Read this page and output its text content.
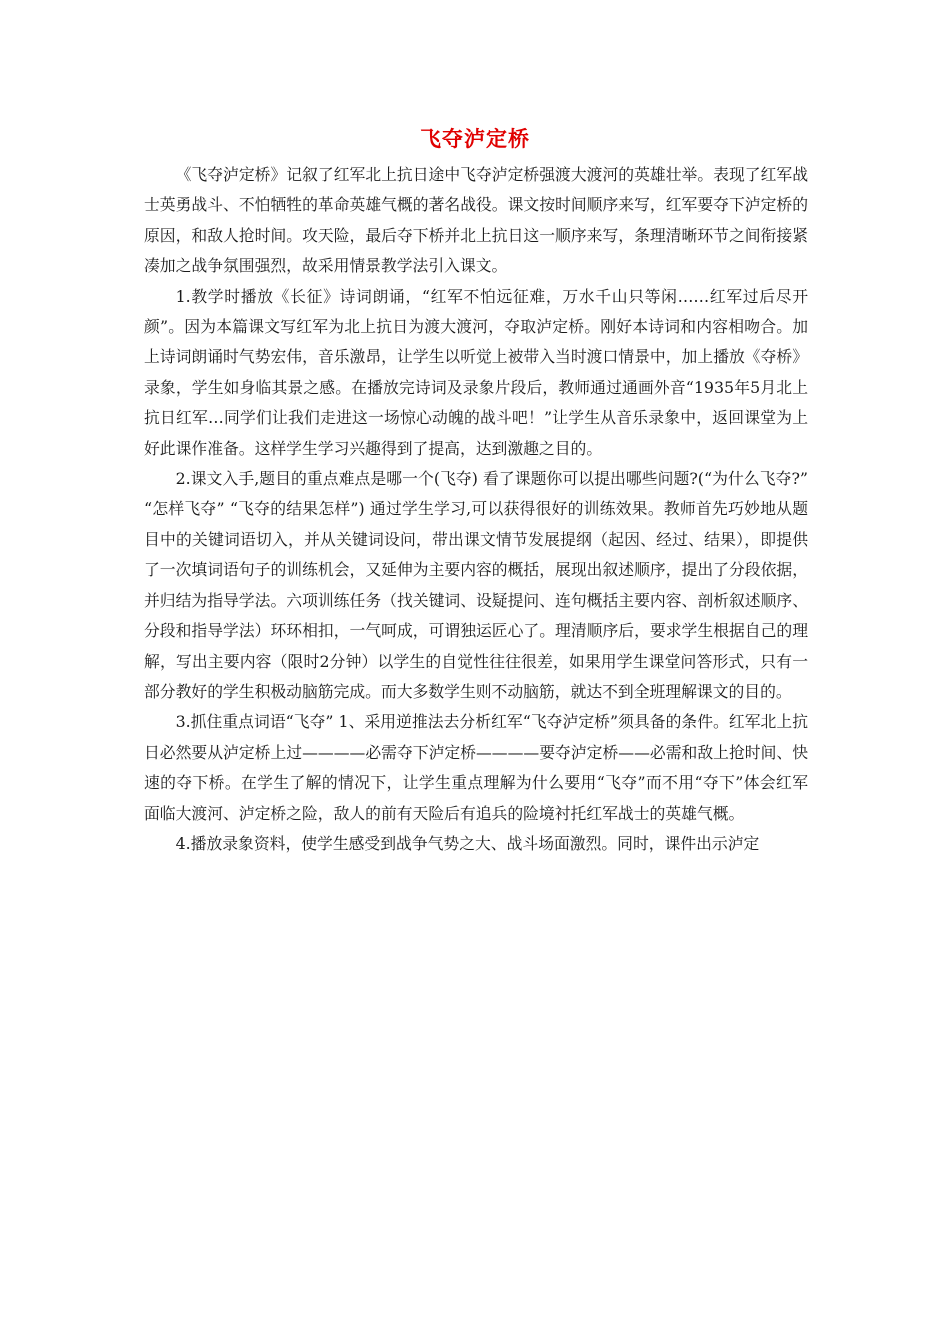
飞夺泸定桥

《飞夺泸定桥》记叙了红军北上抗日途中飞夺泸定桥强渡大渡河的英雄壮举。表现了红军战士英勇战斗、不怕牺牲的革命英雄气概的著名战役。课文按时间顺序来写，红军要夺下泸定桥的原因，和敌人抢时间。攻天险，最后夺下桥并北上抗日这一顺序来写，条理清晰环节之间衔接紧凑加之战争氛围强烈，故采用情景教学法引入课文。

1.教学时播放《长征》诗词朗诵，“红军不怕远征难，万水千山只等闲……红军过后尽开颜”。因为本篇课文写红军为北上抗日为渡大渡河，夺取泸定桥。刚好本诗词和内容相吻合。加上诗词朗诵时气势宏伟，音乐激昂，让学生以听觉上被带入当时渡口情景中，加上播放《夺桥》录象，学生如身临其景之感。在播放完诗词及录象片段后，教师通过通画外音“1935年5月北上抗日红军…同学们让我们走进这一场惊心动魄的战斗吧！”让学生从音乐录象中，返回课堂为上好此课作准备。这样学生学习兴趣得到了提高，达到激趣之目的。

2.课文入手,题目的重点难点是哪一个(飞夺) 看了课题你可以提出哪些问题?(“为什么飞夺?” “怎样飞夺” “飞夺的结果怎样”) 通过学生学习,可以获得很好的训练效果。教师首先巧妙地从题目中的关键词语切入，并从关键词设问，带出课文情节发展提纲（起因、经过、结果），即提供了一次填词语句子的训练机会，又延伸为主要内容的概括，展现出叙述顺序，提出了分段依据，并归结为指导学法。六项训练任务（找关键词、设疑提问、连句概括主要内容、剖析叙述顺序、分段和指导学法）环环相扣，一气呵成，可谓独运匠心了。理清顺序后，要求学生根据自己的理解，写出主要内容（限时2分钟）以学生的自觉性往往很差，如果用学生课堂问答形式，只有一部分教好的学生积极动脑筋完成。而大多数学生则不动脑筋，就达不到全班理解课文的目的。

3.抓住重点词语“飞夺” 1、采用逆推法去分析红军“飞夺泸定桥”须具备的条件。红军北上抗日必然要从泸定桥上过————必需夺下泸定桥————要夺泸定桥——必需和敌上抢时间、快速的夺下桥。在学生了解的情况下，让学生重点理解为什么要用“飞夺”而不用“夺下”体会红军面临大渡河、泸定桥之险，敌人的前有天险后有追兵的险境衬托红军战士的英雄气概。

4.播放录象资料，使学生感受到战争气势之大、战斗场面激烈。同时，课件出示泸定
